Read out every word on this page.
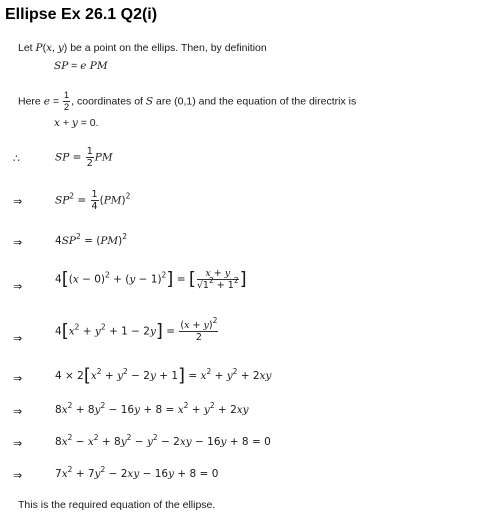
Ellipse Ex 26.1 Q2(i)
Let P(x, y) be a point on the ellips. Then, by definition
SP = e PM
Here $e = \frac{1}{2}$ , coordinates of S are (0,1) and the equation of the directrix is
x + y = 0.
∴	SP = $\frac{1}{2}$ PM
⇒	$SP^2 = \frac{1}{4} (PM)^2$
⇒	$4SP^2 = (PM)^2$
⇒
$4[(x - 0)^2 + (y - 1)^2]$ = [ $\frac{x + y}{√1^2 + 1^2}$ ]
⇒
$4[x^2 + y^2 + 1 - 2y] = \frac{(x + y)^2}{2}$
⇒	$4 \times 2[x^2 + y^2 - 2y + 1] = x^2 + y^2 + 2xy$
⇒	$8x^2 + 8y^2 - 16y + 8 = x^2 + y^2 + 2xy$
⇒	$8x^2 - x^2 + 8y^2 - y^2 - 2xy - 16y + 8 = 0$
⇒	$7x^2 + 7y^2 - 2xy - 16y + 8 = 0$
This is the required equation of the ellipse.
